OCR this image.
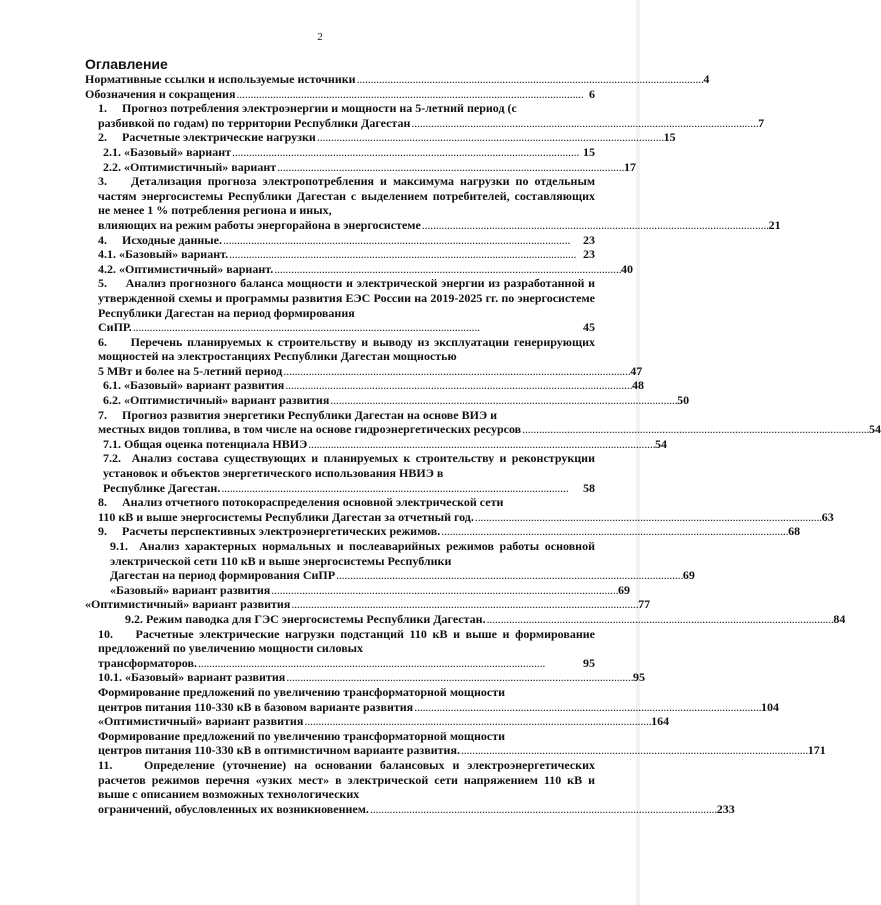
2
Оглавление
Нормативные ссылки и используемые источники . . .	4
Обозначения и сокращения . . .	6
1.     Прогноз потребления электроэнергии и мощности на 5-летний период (с
разбивкой по годам) по территории Республики Дагестан . . .	7
2.     Расчетные электрические нагрузки . . .	15
2.1. «Базовый» вариант . . .	15
2.2. «Оптимистичный» вариант . . .	17
3.    Детализация прогноза электропотребления и максимума нагрузки по отдельным частям энергосистемы Республики Дагестан с выделением потребителей, составляющих не менее 1 % потребления региона и иных,
влияющих на режим работы энергорайона в энергосистеме . . .	21
4.     Исходные данные. . . .	23
4.1. «Базовый» вариант. . . .	23
4.2. «Оптимистичный» вариант. . . .	40
5.     Анализ прогнозного баланса мощности и электрической энергии из разработанной и утвержденной схемы и программы развития ЕЭС России на 2019-2025 гг. по энергосистеме Республики Дагестан на период формирования
СиПР. . . .	45
6.     Перечень планируемых к строительству и выводу из эксплуатации генерирующих мощностей на электростанциях Республики Дагестан мощностью
5 МВт и более на 5-летний период . . .	47
6.1. «Базовый» вариант развития . . .	48
6.2. «Оптимистичный» вариант развития . . .	50
7.     Прогноз развития энергетики Республики Дагестан на основе ВИЭ и
местных видов топлива, в том числе на основе гидроэнергетических ресурсов . . .	54
7.1. Общая оценка потенциала НВИЭ . . .	54
7.2.  Анализ состава существующих и планируемых к строительству и реконструкции установок и объектов энергетического использования НВИЭ в
Республике Дагестан. . . .	58
8.     Анализ отчетного потокораспределения основной электрической сети
110 кВ и выше энергосистемы Республики Дагестан за отчетный год. . . .	63
9.     Расчеты перспективных электроэнергетических режимов. . . .	68
9.1.  Анализ характерных нормальных и послеаварийных режимов работы основной электрической сети 110 кВ и выше энергосистемы Республики
Дагестан на период формирования СиПР . . .	69
«Базовый» вариант развития . . .	69
«Оптимистичный» вариант развития . . .	77
9.2. Режим паводка для ГЭС энергосистемы Республики Дагестан. . . .	84
10.    Расчетные электрические нагрузки подстанций 110 кВ и выше и формирование предложений по увеличению мощности силовых
трансформаторов. . . .	95
10.1. «Базовый» вариант развития . . .	95
Формирование предложений по увеличению трансформаторной мощности
центров питания 110-330 кВ в базовом варианте развития . . .	104
«Оптимистичный» вариант развития . . .	164
Формирование предложений по увеличению трансформаторной мощности
центров питания 110-330 кВ в оптимистичном варианте развития. . . .	171
11.    Определение (уточнение) на основании балансовых и электроэнергетических расчетов режимов перечня «узких мест» в электрической сети напряжением 110 кВ и выше с описанием возможных технологических
ограничений, обусловленных их возникновением. . . .	233
